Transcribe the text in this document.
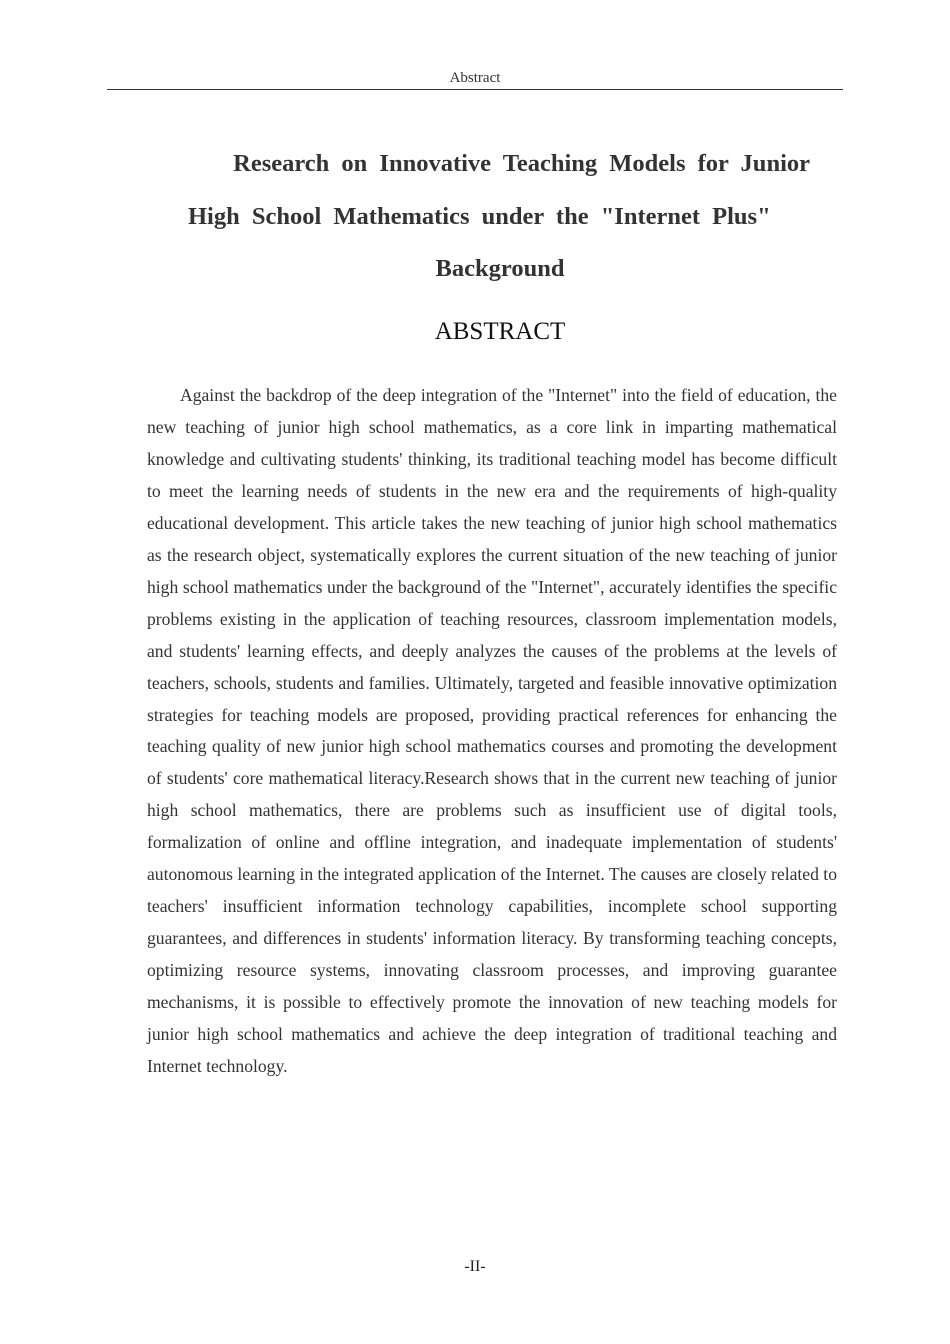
Abstract
Research on Innovative Teaching Models for Junior
High School Mathematics under the "Internet Plus"
Background
ABSTRACT

Against the backdrop of the deep integration of the "Internet" into the field of education, the new teaching of junior high school mathematics, as a core link in imparting mathematical knowledge and cultivating students' thinking, its traditional teaching model has become difficult to meet the learning needs of students in the new era and the requirements of high-quality educational development. This article takes the new teaching of junior high school mathematics as the research object, systematically explores the current situation of the new teaching of junior high school mathematics under the background of the "Internet", accurately identifies the specific problems existing in the application of teaching resources, classroom implementation models, and students' learning effects, and deeply analyzes the causes of the problems at the levels of teachers, schools, students and families. Ultimately, targeted and feasible innovative optimization strategies for teaching models are proposed, providing practical references for enhancing the teaching quality of new junior high school mathematics courses and promoting the development of students' core mathematical literacy.Research shows that in the current new teaching of junior high school mathematics, there are problems such as insufficient use of digital tools, formalization of online and offline integration, and inadequate implementation of students' autonomous learning in the integrated application of the Internet. The causes are closely related to teachers' insufficient information technology capabilities, incomplete school supporting guarantees, and differences in students' information literacy. By transforming teaching concepts, optimizing resource systems, innovating classroom processes, and improving guarantee mechanisms, it is possible to effectively promote the innovation of new teaching models for junior high school mathematics and achieve the deep integration of traditional teaching and Internet technology.

-II-
